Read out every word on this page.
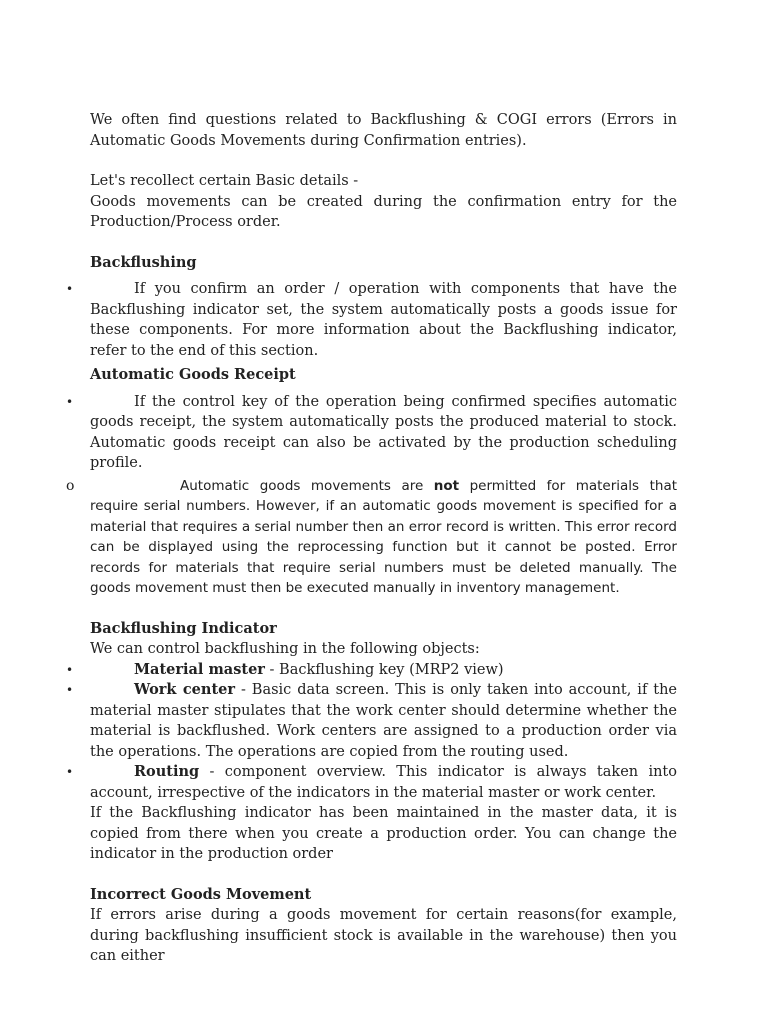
We often find questions related to Backflushing & COGI errors (Errors in Automatic Goods Movements during Confirmation entries).

Let's recollect certain Basic details -

Goods movements can be created during the confirmation entry for the Production/Process order.

Backflushing

•	If you confirm an order / operation with components that have the Backflushing indicator set, the system automatically posts a goods issue for these components. For more information about the Backflushing indicator, refer to the end of this section.

Automatic Goods Receipt

•	If the control key of the operation being confirmed specifies automatic goods receipt, the system automatically posts the produced material to stock. Automatic goods receipt can also be activated by the production scheduling profile.

o	Automatic goods movements are not permitted for materials that require serial numbers. However, if an automatic goods movement is specified for a material that requires a serial number then an error record is written. This error record can be displayed using the reprocessing function but it cannot be posted. Error records for materials that require serial numbers must be deleted manually. The goods movement must then be executed manually in inventory management.

Backflushing Indicator

We can control backflushing in the following objects:

•	Material master - Backflushing key (MRP2 view)

•	Work center - Basic data screen. This is only taken into account, if the material master stipulates that the work center should determine whether the material is backflushed. Work centers are assigned to a production order via the operations. The operations are copied from the routing used.

•	Routing - component overview. This indicator is always taken into account, irrespective of the indicators in the material master or work center.

If the Backflushing indicator has been maintained in the master data, it is copied from there when you create a production order. You can change the indicator in the production order

Incorrect Goods Movement

If errors arise during a goods movement for certain reasons(for example, during backflushing insufficient stock is available in the warehouse) then you can either
